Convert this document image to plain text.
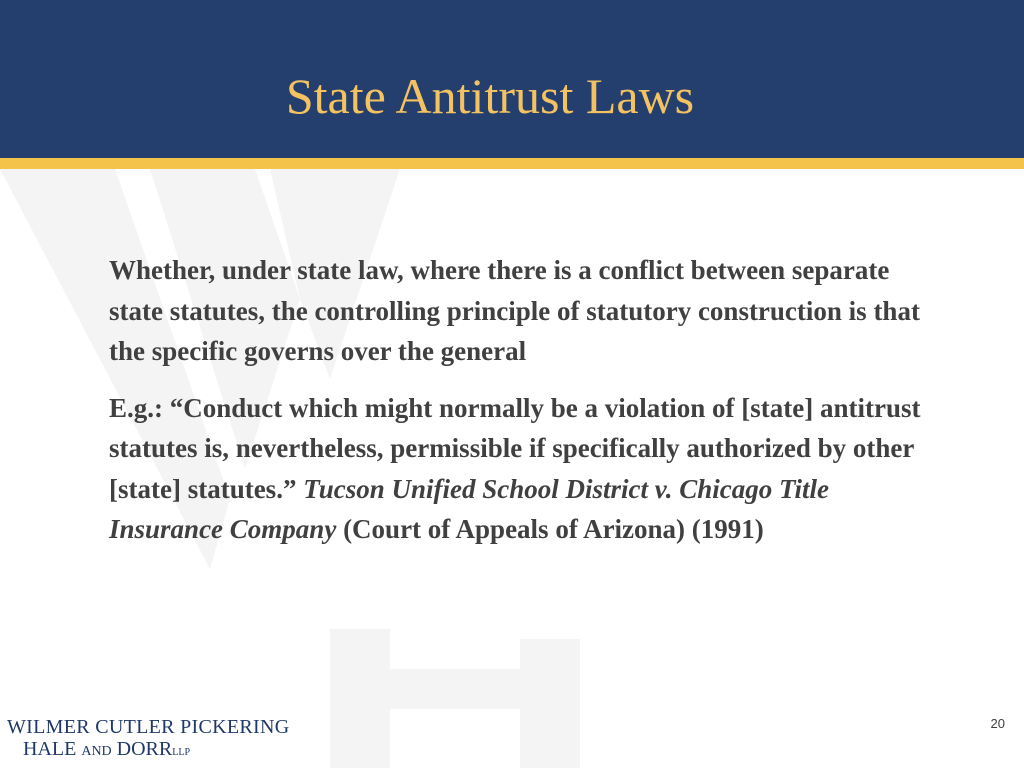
State Antitrust Laws

Whether, under state law, where there is a conflict between separate state statutes, the controlling principle of statutory construction is that the specific governs over the general

E.g.: “Conduct which might normally be a violation of [state] antitrust statutes is, nevertheless, permissible if specifically authorized by other [state] statutes.” Tucson Unified School District v. Chicago Title Insurance Company (Court of Appeals of Arizona) (1991)

WILMER CUTLER PICKERING
HALE AND DORRLLP
20
